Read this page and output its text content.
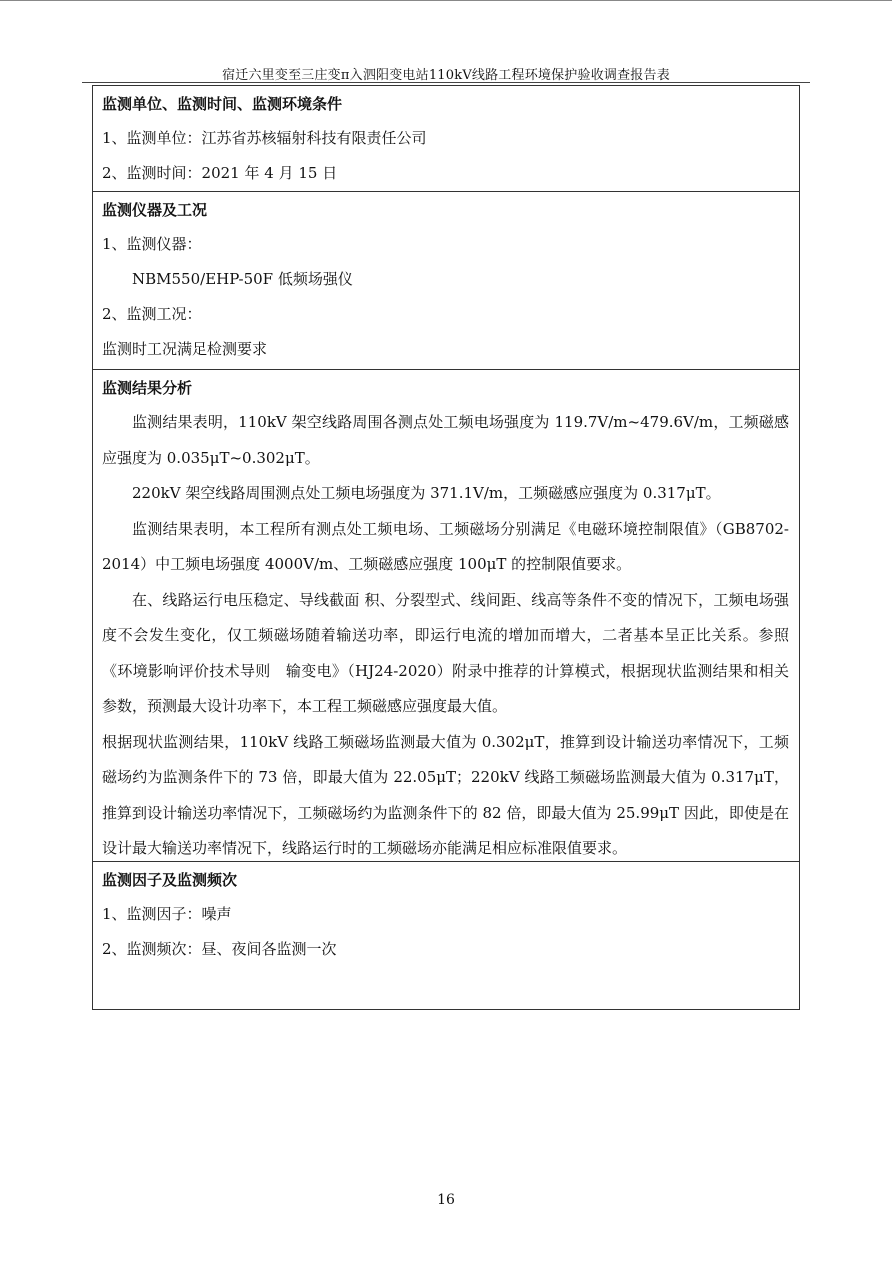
宿迁六里变至三庄变π入泗阳变电站110kV线路工程环境保护验收调查报告表
监测单位、监测时间、监测环境条件
1、监测单位：江苏省苏核辐射科技有限责任公司
2、监测时间：2021 年 4 月 15 日
监测仪器及工况
1、监测仪器：
NBM550/EHP-50F 低频场强仪
2、监测工况：
监测时工况满足检测要求
监测结果分析
监测结果表明，110kV 架空线路周围各测点处工频电场强度为 119.7V/m~479.6V/m，工频磁感应强度为 0.035μT~0.302μT。
220kV 架空线路周围测点处工频电场强度为 371.1V/m，工频磁感应强度为 0.317μT。
监测结果表明，本工程所有测点处工频电场、工频磁场分别满足《电磁环境控制限值》（GB8702-2014）中工频电场强度 4000V/m、工频磁感应强度 100μT 的控制限值要求。
在、线路运行电压稳定、导线截面 积、分裂型式、线间距、线高等条件不变的情况下，工频电场强度不会发生变化，仅工频磁场随着输送功率，即运行电流的增加而增大，二者基本呈正比关系。参照《环境影响评价技术导则　输变电》（HJ24-2020）附录中推荐的计算模式，根据现状监测结果和相关参数，预测最大设计功率下，本工程工频磁感应强度最大值。
根据现状监测结果，110kV 线路工频磁场监测最大值为 0.302μT，推算到设计输送功率情况下，工频磁场约为监测条件下的 73 倍，即最大值为 22.05μT；220kV 线路工频磁场监测最大值为 0.317μT，推算到设计输送功率情况下，工频磁场约为监测条件下的 82 倍，即最大值为 25.99μT 因此，即使是在设计最大输送功率情况下，线路运行时的工频磁场亦能满足相应标准限值要求。
监测因子及监测频次
1、监测因子：噪声
2、监测频次：昼、夜间各监测一次
16
